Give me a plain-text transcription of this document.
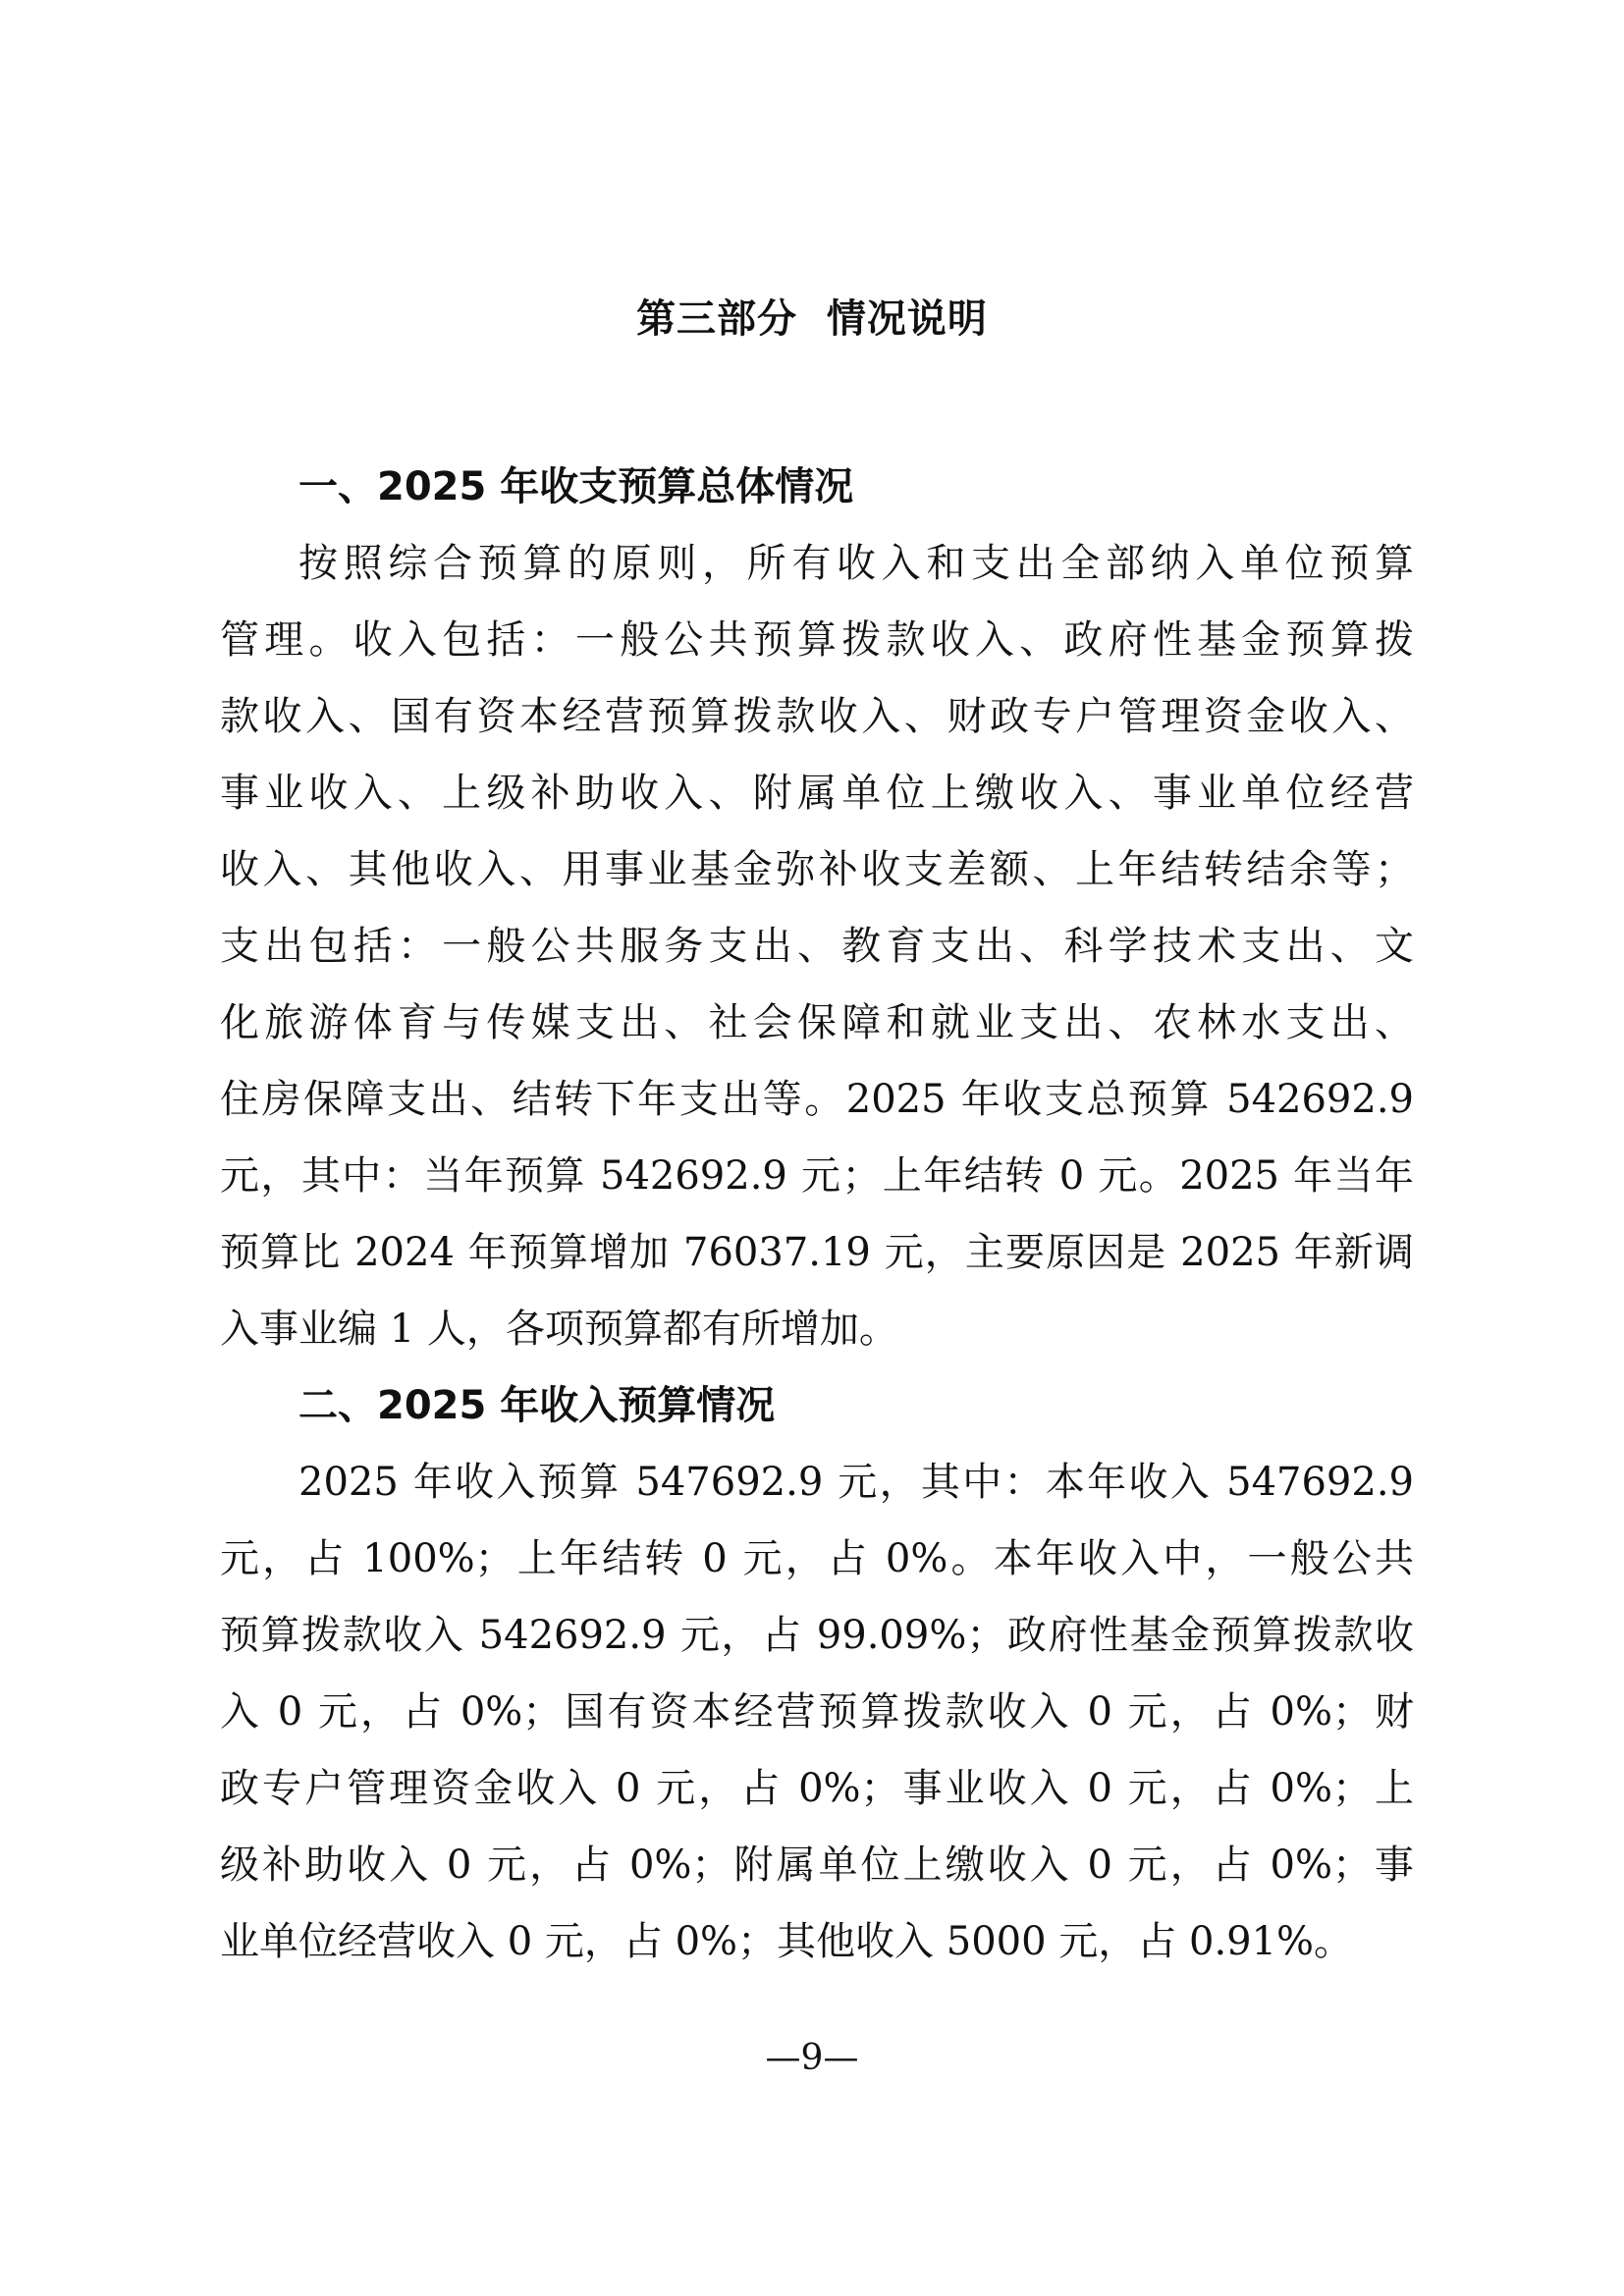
第三部分  情况说明
一、2025 年收支预算总体情况
按照综合预算的原则，所有收入和支出全部纳入单位预算
管理。收入包括：一般公共预算拨款收入、政府性基金预算拨
款收入、国有资本经营预算拨款收入、财政专户管理资金收入、
事业收入、上级补助收入、附属单位上缴收入、事业单位经营
收入、其他收入、用事业基金弥补收支差额、上年结转结余等；
支出包括：一般公共服务支出、教育支出、科学技术支出、文
化旅游体育与传媒支出、社会保障和就业支出、农林水支出、
住房保障支出、结转下年支出等。2025 年收支总预算 542692.9
元，其中：当年预算 542692.9 元；上年结转 0 元。2025 年当年
预算比 2024 年预算增加 76037.19 元，主要原因是 2025 年新调
入事业编 1 人，各项预算都有所增加。
二、2025 年收入预算情况
2025 年收入预算 547692.9 元，其中：本年收入 547692.9
元，占 100%；上年结转 0 元，占 0%。本年收入中，一般公共
预算拨款收入 542692.9 元，占 99.09%；政府性基金预算拨款收
入 0 元，占 0%；国有资本经营预算拨款收入 0 元，占 0%；财
政专户管理资金收入 0 元，占 0%；事业收入 0 元，占 0%；上
级补助收入 0 元，占 0%；附属单位上缴收入 0 元，占 0%；事
业单位经营收入 0 元，占 0%；其他收入 5000 元，占 0.91%。
—9—
